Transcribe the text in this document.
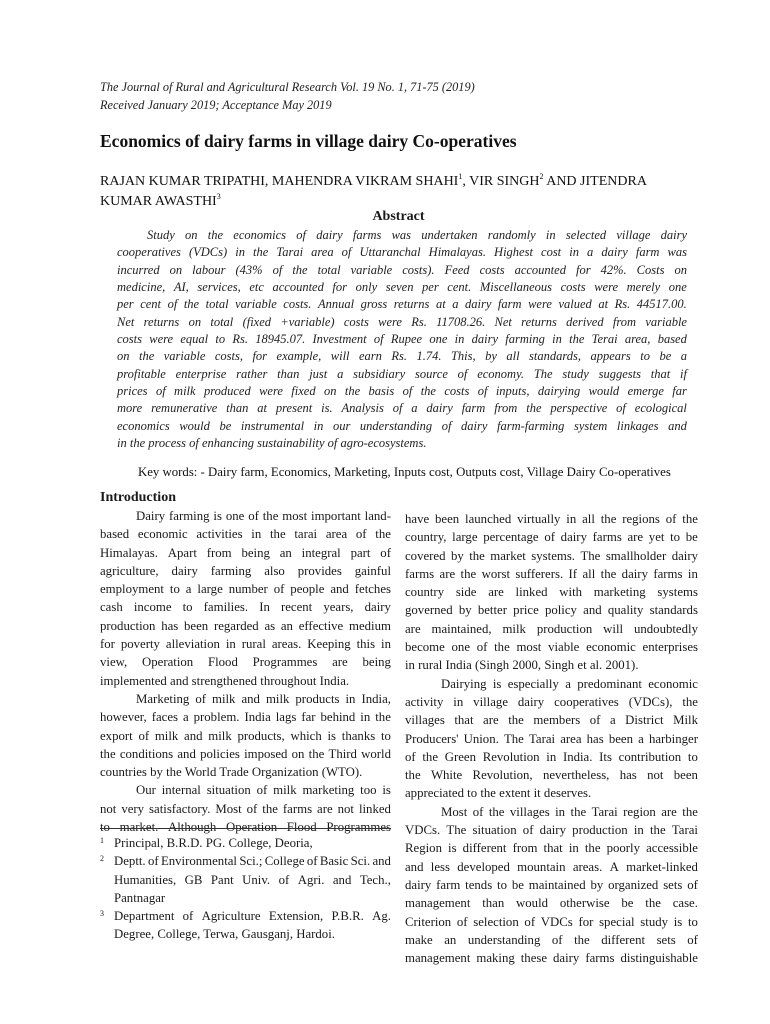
The Journal of Rural and Agricultural Research Vol. 19 No. 1, 71-75 (2019)
Received January 2019; Acceptance May 2019
Economics of dairy farms in village dairy Co-operatives
RAJAN KUMAR TRIPATHI, MAHENDRA VIKRAM SHAHI$^1$, VIR SINGH$^2$ AND JITENDRA
KUMAR AWASTHI$^3$
Abstract
Study on the economics of dairy farms was undertaken randomly in selected village dairy
cooperatives (VDCs) in the Tarai area of Uttaranchal Himalayas. Highest cost in a dairy farm was
incurred on labour (43% of the total variable costs). Feed costs accounted for 42%. Costs on
medicine, AI, services, etc accounted for only seven per cent. Miscellaneous costs were merely one
per cent of the total variable costs. Annual gross returns at a dairy farm were valued at Rs. 44517.00.
Net returns on total (fixed +variable) costs were Rs. 11708.26. Net returns derived from variable
costs were equal to Rs. 18945.07. Investment of Rupee one in dairy farming in the Terai area, based
on the variable costs, for example, will earn Rs. 1.74. This, by all standards, appears to be a
profitable enterprise rather than just a subsidiary source of economy. The study suggests that if
prices of milk produced were fixed on the basis of the costs of inputs, dairying would emerge far
more remunerative than at present is. Analysis of a dairy farm from the perspective of ecological
economics would be instrumental in our understanding of dairy farm-farming system linkages and
in the process of enhancing sustainability of agro-ecosystems.
Key words: - Dairy farm, Economics, Marketing, Inputs cost, Outputs cost, Village Dairy Co-operatives
Introduction
Dairy farming is one of the most important land-
based economic activities in the tarai area of the
Himalayas. Apart from being an integral part of
agriculture, dairy farming also provides gainful
employment to a large number of people and fetches
cash income to families. In recent years, dairy
production has been regarded as an effective medium
for poverty alleviation in rural areas. Keeping this in
view, Operation Flood Programmes are being
implemented and strengthened throughout India.
Marketing of milk and milk products in India,
however, faces a problem. India lags far behind in the
export of milk and milk products, which is thanks to
the conditions and policies imposed on the Third world
countries by the World Trade Organization (WTO).
Our internal situation of milk marketing too is
not very satisfactory. Most of the farms are not linked
to market. Although Operation Flood Programmes
have been launched virtually in all the regions of the
country, large percentage of dairy farms are yet to be
covered by the market systems. The smallholder dairy
farms are the worst sufferers. If all the dairy farms in
country side are linked with marketing systems
governed by better price policy and quality standards
are maintained, milk production will undoubtedly
become one of the most viable economic enterprises
in rural India (Singh 2000, Singh et al. 2001).
Dairying is especially a predominant economic
activity in village dairy cooperatives (VDCs), the
villages that are the members of a District Milk
Producers' Union. The Tarai area has been a harbinger
of the Green Revolution in India. Its contribution to
the White Revolution, nevertheless, has not been
appreciated to the extent it deserves.
Most of the villages in the Tarai region are the
VDCs. The situation of dairy production in the Tarai
Region is different from that in the poorly accessible
and less developed mountain areas. A market-linked
dairy farm tends to be maintained by organized sets of
management than would otherwise be the case.
Criterion of selection of VDCs for special study is to
make an understanding of the different sets of
management making these dairy farms distinguishable
1 Principal, B.R.D. PG. College, Deoria,
2 Deptt. of Environmental Sci.; College of Basic Sci. and
Humanities, GB Pant Univ. of Agri. and Tech.,
Pantnagar
3 Department of Agriculture Extension, P.B.R. Ag.
Degree, College, Terwa, Gausganj, Hardoi.
